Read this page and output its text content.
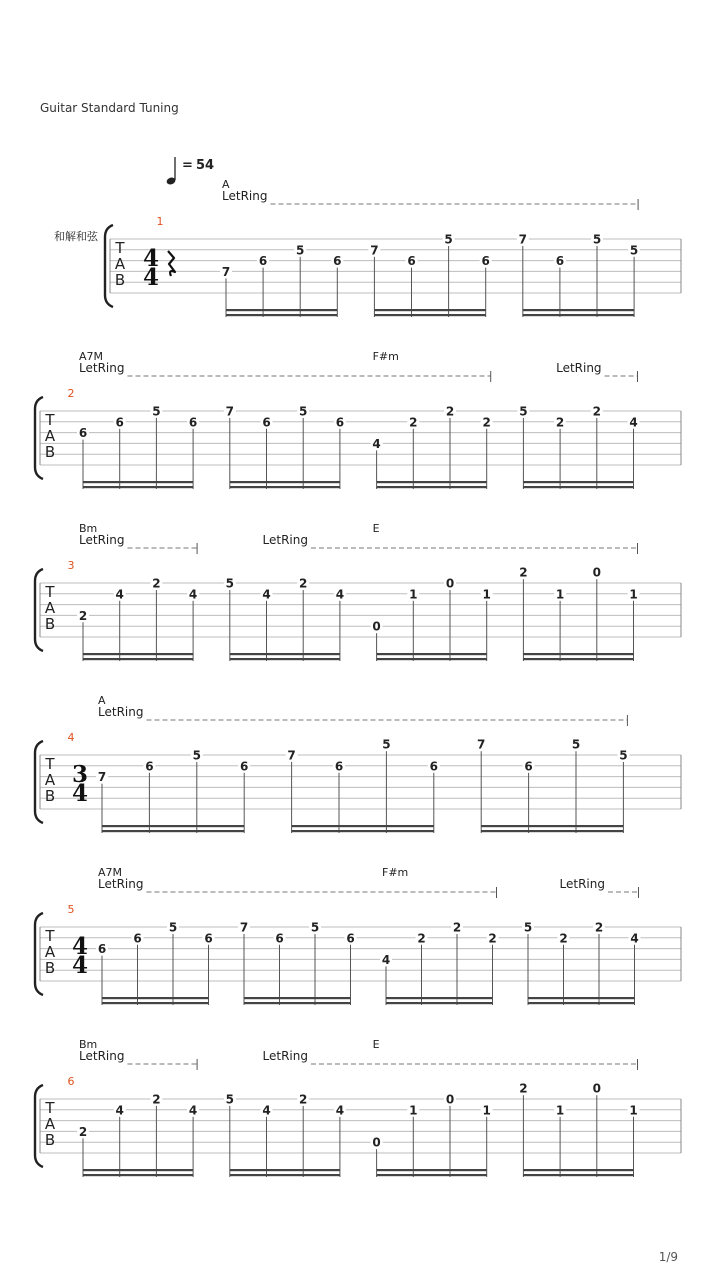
Guitar Standard Tuning
T
A
B
1
4
4	7
6
5
6
7
6
5
6
7
6
5
5
A
LetRing
和解和弦
= 54
T
A
B
2
6
6
5
6
7
6
5
6
4
2
2
2
5
2
2
4
A7M	F#m
LetRing	LetRing
T
A
B
3
2
4
2
4
5
4
2
4
0
1
0
1
2
1
0
1
Bm	E
LetRing	LetRing
T
A
B
4
3
4
7
6
5
6
7
6
5
6
7
6
5
5
A
LetRing
T
A
B
5
4
4
6
6
5
6
7
6
5
6
4
2
2
2
5
2
2
4
A7M	F#m
LetRing	LetRing
T
A
B
6
2
4
2
4
5
4
2
4
0
1
0
1
2
1
0
1
Bm	E
LetRing	LetRing
1/9
